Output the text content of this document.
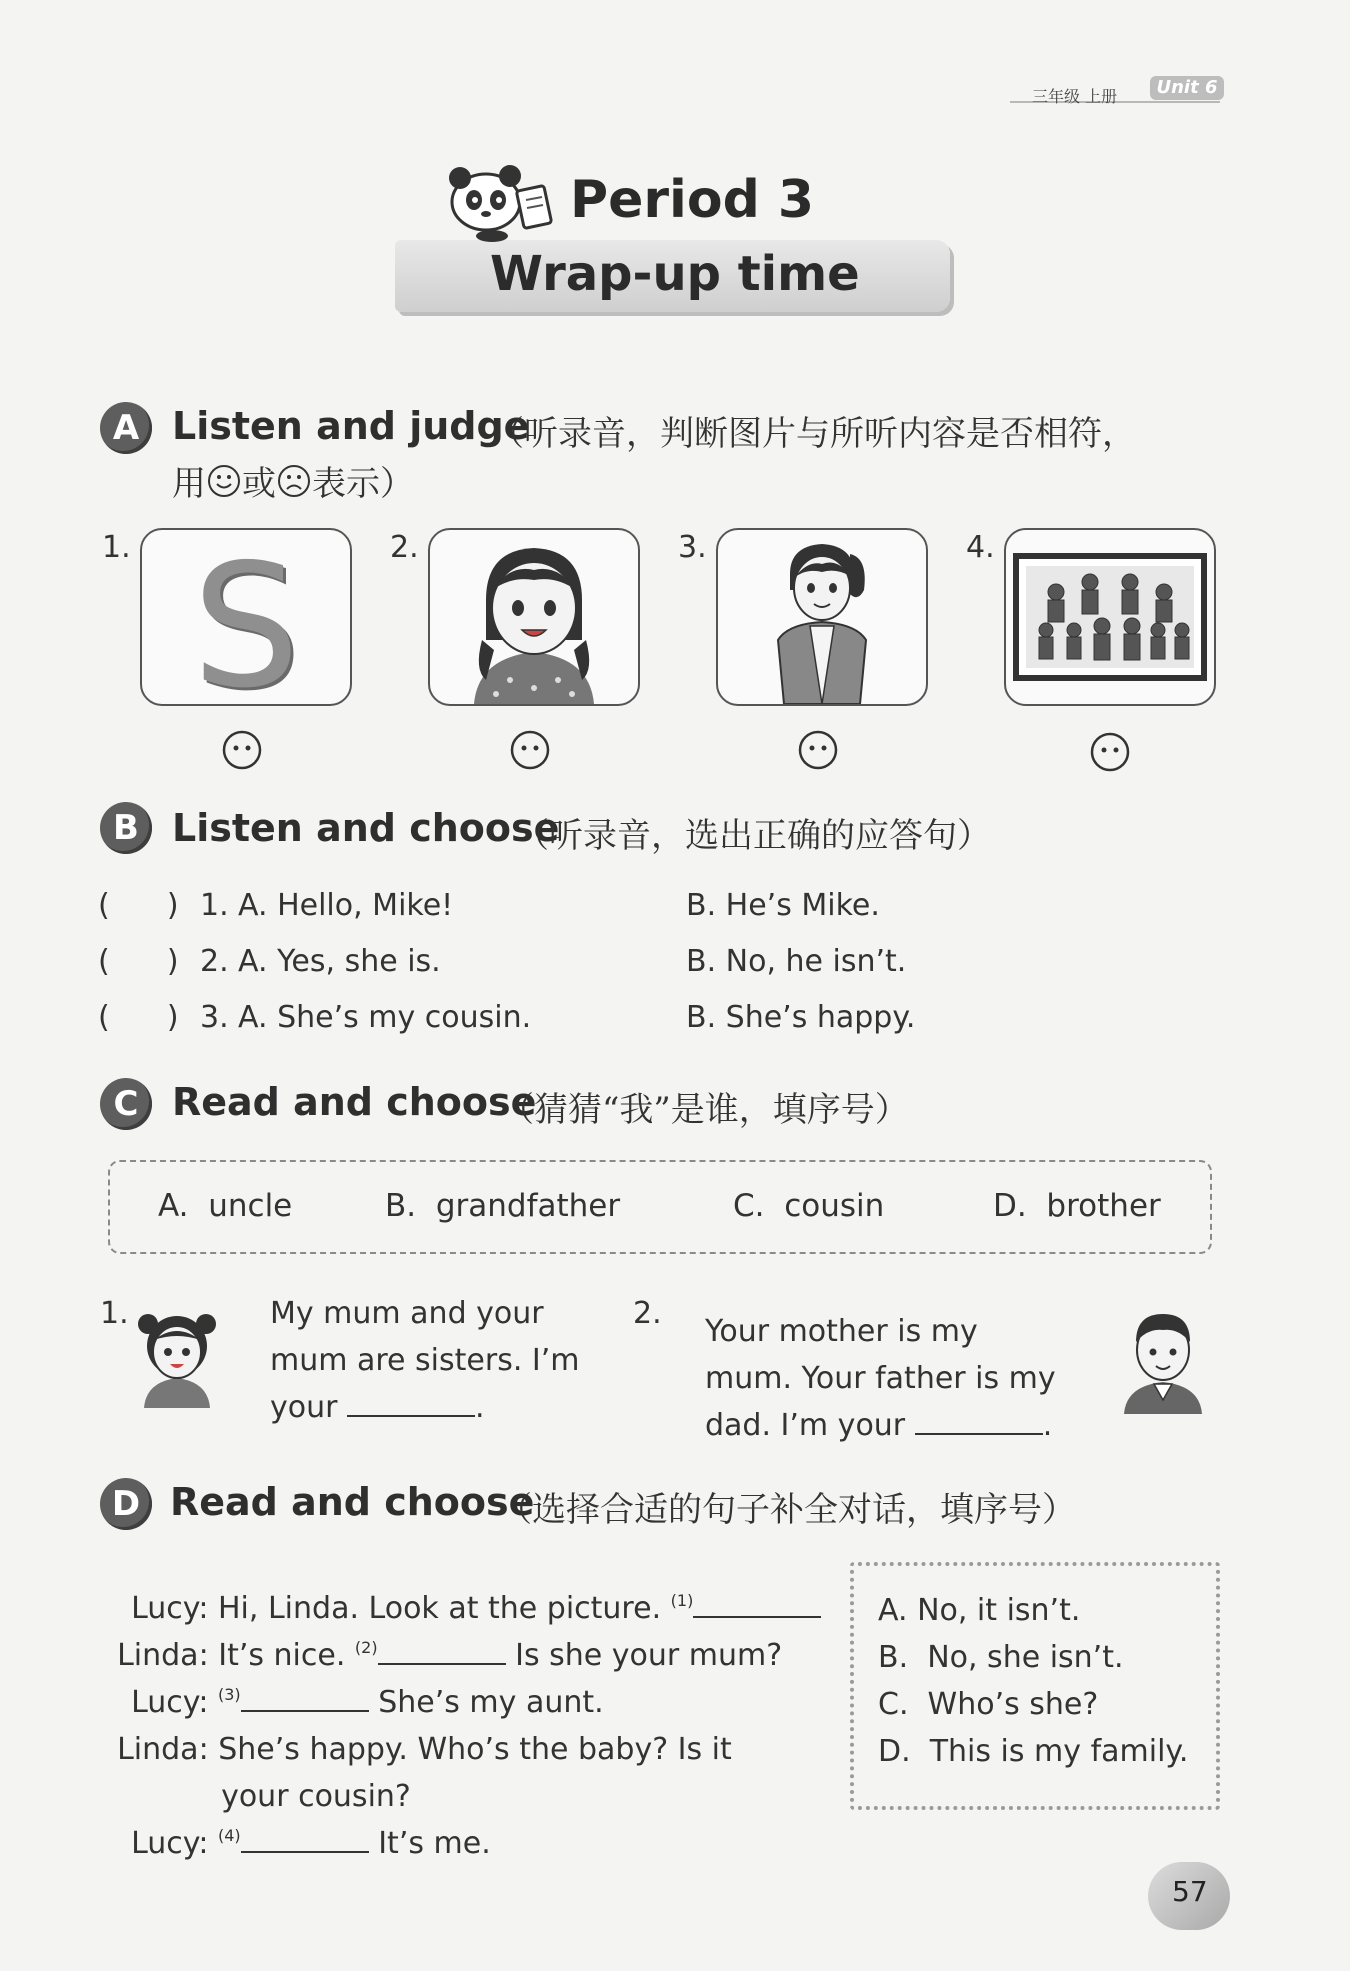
三年级 上册	Unit 6
Period 3
Wrap-up time
A Listen and judge
（听录音，判断图片与所听内容是否相符，
用 或 表示）
1. S	2.	3.	4.
B Listen and choose
（听录音，选出正确的应答句）
(      ) 1. A. Hello, Mike!	B. He’s Mike.
(      ) 2. A. Yes, she is.	B. No, he isn’t.
(      ) 3. A. She’s my cousin.	B. She’s happy.
C Read and choose
（猜猜“我”是谁，填序号）
A.  uncle	B.  grandfather	C.  cousin	D.  brother
1.	My mum and your
mum are sisters. I’m
your	.
2.
Your mother is my
mum. Your father is my
dad. I’m your	.
D Read and choose
（选择合适的句子补全对话，填序号）

Lucy: Hi, Linda. Look at the picture. $^{(1)}$

Linda: It’s nice. $^{(2)}$	Is she your mum?

Lucy: $^{(3)}$	She’s my aunt.

Linda: She’s happy. Who’s the baby? Is it

your cousin?

Lucy: $^{(4)}$	It’s me.

A. No, it isn’t.
B.  No, she isn’t.
C.  Who’s she?
D.  This is my family.
57
